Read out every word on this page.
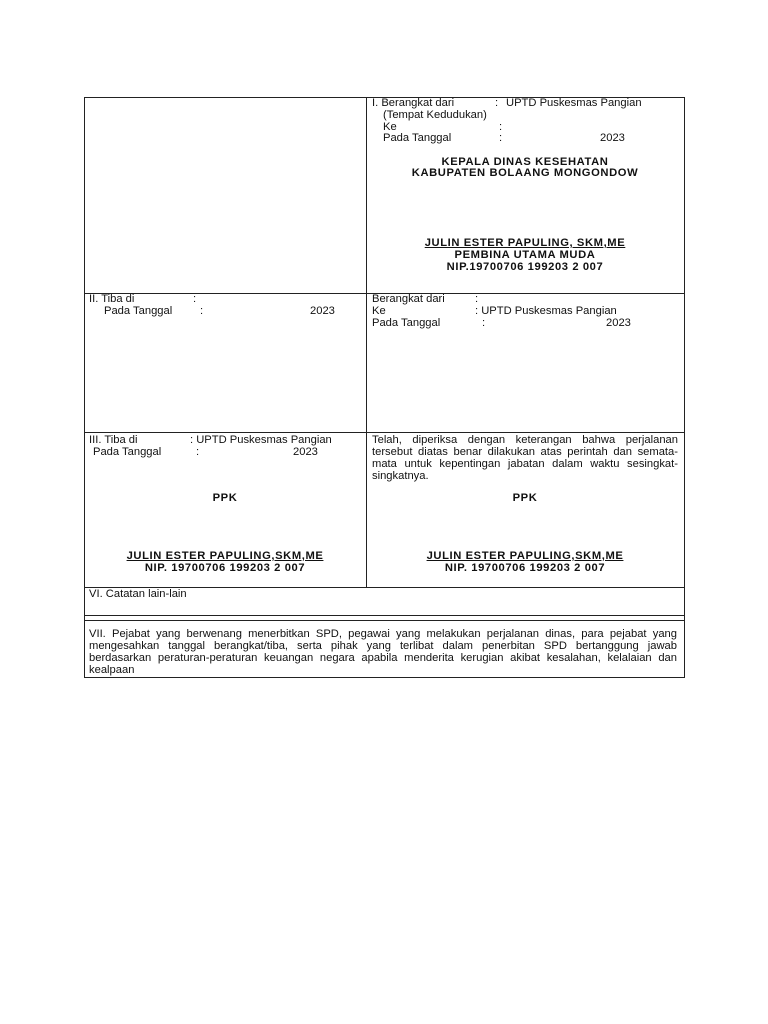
I. Berangkat dari	: UPTD Puskesmas Pangian
(Tempat Kedudukan)
Ke	:
Pada Tanggal	:	2023
KEPALA DINAS KESEHATAN
KABUPATEN BOLAANG MONGONDOW
JULIN ESTER PAPULING, SKM,ME
PEMBINA UTAMA MUDA
NIP.19700706 199203 2 007
II. Tiba di	:
Pada Tanggal :	2023
Berangkat dari	:
Ke	: UPTD Puskesmas Pangian
Pada Tanggal	:	2023
III. Tiba di	: UPTD Puskesmas Pangian
Pada Tanggal	:	2023
PPK
JULIN ESTER PAPULING,SKM,ME
NIP. 19700706 199203 2 007
Telah, diperiksa dengan keterangan bahwa perjalanan tersebut diatas benar dilakukan atas perintah dan semata-mata untuk kepentingan jabatan dalam waktu sesingkat-singkatnya.
PPK
JULIN ESTER PAPULING,SKM,ME
NIP. 19700706 199203 2 007
VI. Catatan lain-lain
VII. Pejabat yang berwenang menerbitkan SPD, pegawai yang melakukan perjalanan dinas, para pejabat yang mengesahkan tanggal berangkat/tiba, serta pihak yang terlibat dalam penerbitan SPD bertanggung jawab berdasarkan peraturan-peraturan keuangan negara apabila menderita kerugian akibat kesalahan, kelalaian dan kealpaan
